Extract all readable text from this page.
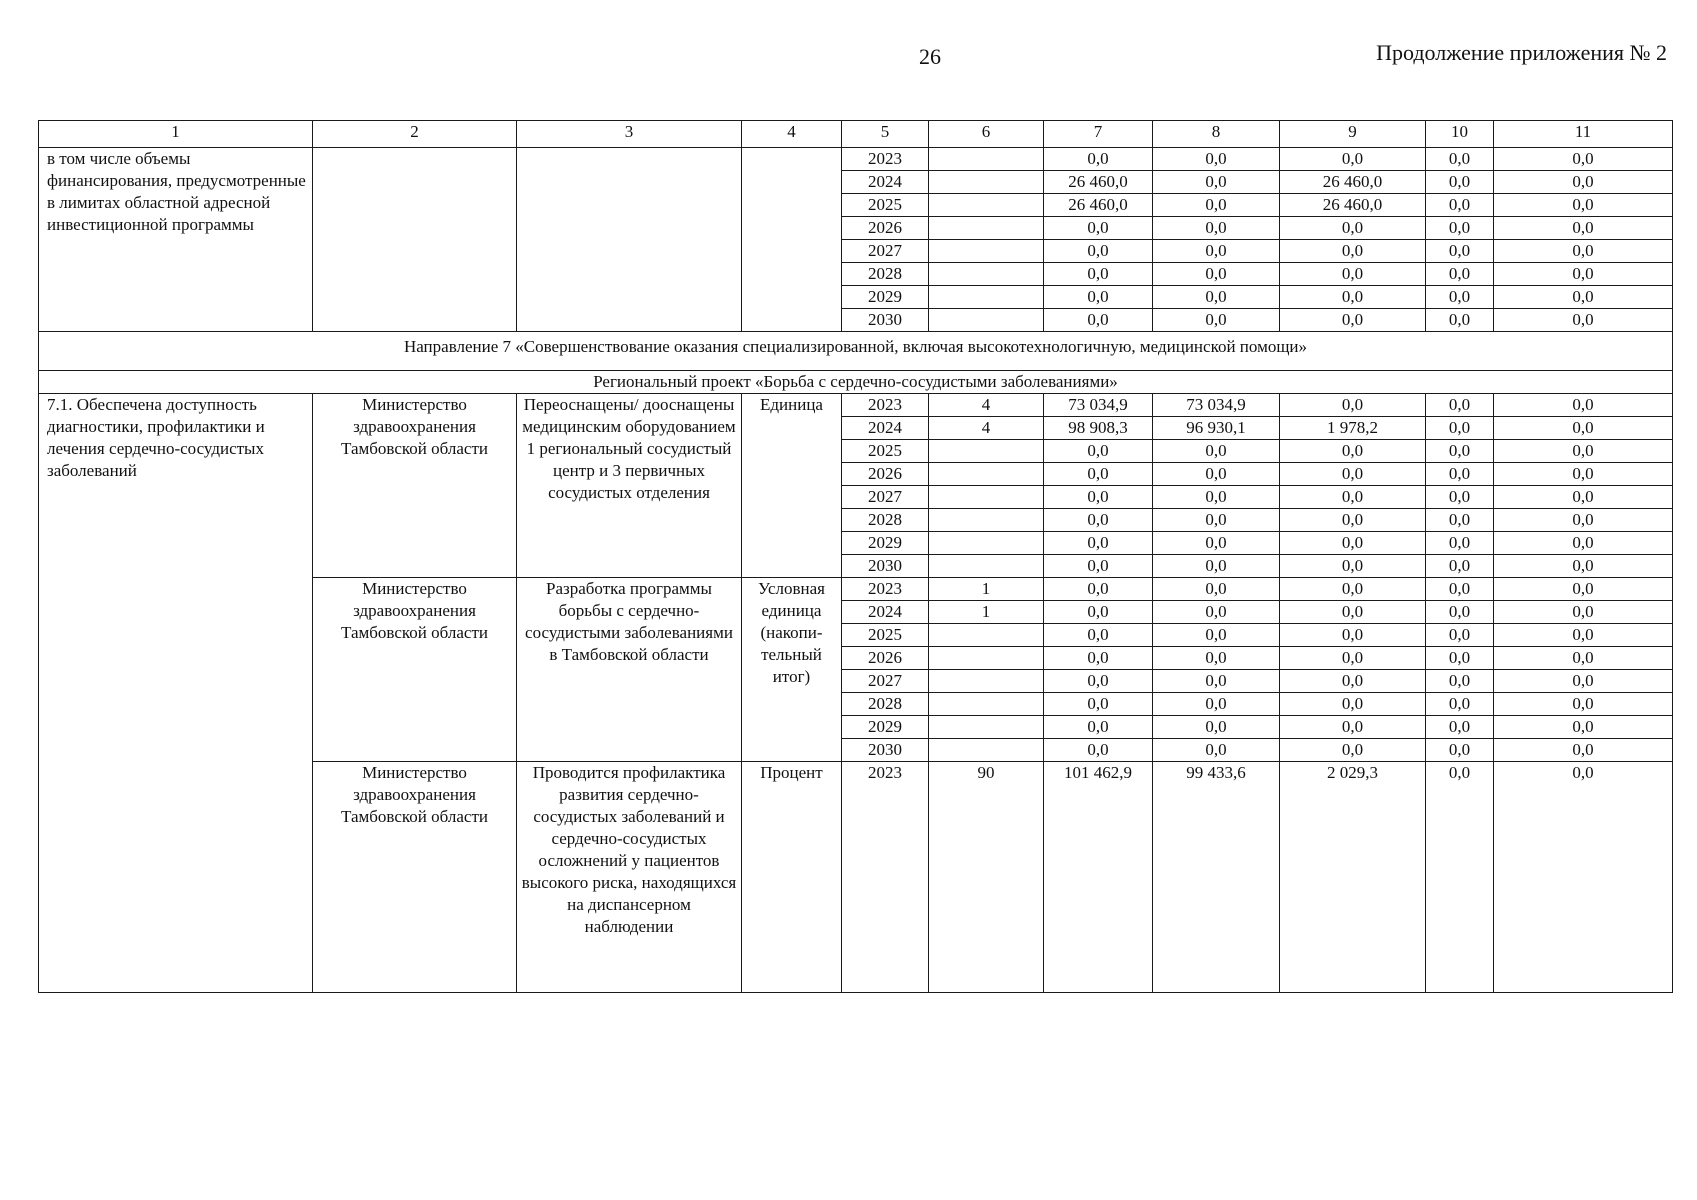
26	Продолжение приложения № 2
1	2	3	4	5	6	7	8	9	10	11
в том числе объемы финансирования, предусмотренные в лимитах областной адресной инвестиционной программы				2023		0,0	0,0	0,0	0,0	0,0
				2024		26 460,0	0,0	26 460,0	0,0	0,0
				2025		26 460,0	0,0	26 460,0	0,0	0,0
				2026		0,0	0,0	0,0	0,0	0,0
				2027		0,0	0,0	0,0	0,0	0,0
				2028		0,0	0,0	0,0	0,0	0,0
				2029		0,0	0,0	0,0	0,0	0,0
				2030		0,0	0,0	0,0	0,0	0,0
Направление 7 «Совершенствование оказания специализированной, включая высокотехнологичную, медицинской помощи»										
Региональный проект «Борьба с сердечно-сосудистыми заболеваниями»										
7.1. Обеспечена доступность диагностики, профилактики и лечения сердечно-сосудистых заболеваний	Министерство здравоохранения Тамбовской области	Переоснащены/ дооснащены медицинским оборудованием 1 региональный сосудистый центр и 3 первичных сосудистых отделения	Единица	2023	4	73 034,9	73 034,9	0,0	0,0	0,0
				2024	4	98 908,3	96 930,1	1 978,2	0,0	0,0
				2025		0,0	0,0	0,0	0,0	0,0
				2026		0,0	0,0	0,0	0,0	0,0
				2027		0,0	0,0	0,0	0,0	0,0
				2028		0,0	0,0	0,0	0,0	0,0
				2029		0,0	0,0	0,0	0,0	0,0
				2030		0,0	0,0	0,0	0,0	0,0
	Министерство здравоохранения Тамбовской области	Разработка программы борьбы с сердечно-сосудистыми заболеваниями в Тамбовской области	Условная единица (накопи-тельный итог)	2023	1	0,0	0,0	0,0	0,0	0,0
				2024	1	0,0	0,0	0,0	0,0	0,0
				2025		0,0	0,0	0,0	0,0	0,0
				2026		0,0	0,0	0,0	0,0	0,0
				2027		0,0	0,0	0,0	0,0	0,0
				2028		0,0	0,0	0,0	0,0	0,0
				2029		0,0	0,0	0,0	0,0	0,0
				2030		0,0	0,0	0,0	0,0	0,0
	Министерство здравоохранения Тамбовской области	Проводится профилактика развития сердечно-сосудистых заболеваний и сердечно-сосудистых осложнений у пациентов высокого риска, находящихся на диспансерном наблюдении	Процент	2023	90	101 462,9	99 433,6	2 029,3	0,0	0,0
